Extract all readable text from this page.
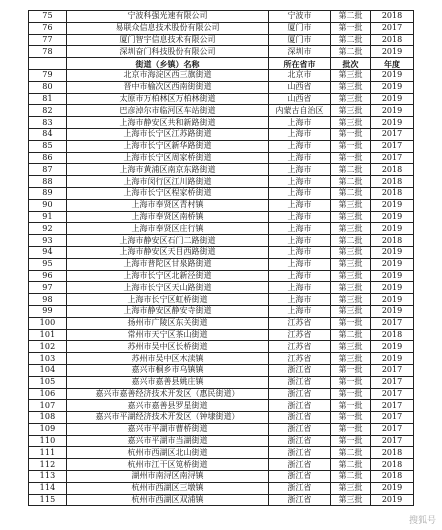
75	宁波科强光速有限公司	宁波市	第二批	2018
76	易联众信息技术股份有限公司	厦门市	第一批	2017
77	厦门智宇信息技术有限公司	厦门市	第二批	2018
78	深圳奋门科技股份有限公司	深圳市	第二批	2019
	街道（乡镇）名称	所在省市	批次	年度
79	北京市海淀区西三旗街道	北京市	第三批	2019
80	晋中市榆次区西南街街道	山西省	第三批	2019
81	太原市万柏林区万柏林街道	山西省	第三批	2019
82	巴彦淖尔市临河区车站街道	内蒙古自治区	第三批	2019
83	上海市静安区共和新路街道	上海市	第三批	2019
84	上海市长宁区江苏路街道	上海市	第一批	2017
85	上海市长宁区新华路街道	上海市	第一批	2017
86	上海市长宁区周家桥街道	上海市	第一批	2017
87	上海市黄浦区南京东路街道	上海市	第二批	2018
88	上海市闵行区江川路街道	上海市	第二批	2018
89	上海市长宁区程家桥街道	上海市	第二批	2018
90	上海市奉贤区青村镇	上海市	第三批	2019
91	上海市奉贤区南桥镇	上海市	第三批	2019
92	上海市奉贤区庄行镇	上海市	第三批	2019
93	上海市静安区石门二路街道	上海市	第二批	2018
94	上海市静安区天目西路街道	上海市	第三批	2019
95	上海市普陀区甘泉路街道	上海市	第三批	2019
96	上海市长宁区北新泾街道	上海市	第三批	2019
97	上海市长宁区天山路街道	上海市	第三批	2019
98	上海市长宁区虹桥街道	上海市	第三批	2019
99	上海市静安区静安寺街道	上海市	第三批	2019
100	扬州市广陵区东关街道	江苏省	第一批	2017
101	常州市天宁区茶山街道	江苏省	第二批	2018
102	苏州市吴中区长桥街道	江苏省	第三批	2019
103	苏州市吴中区木渎镇	江苏省	第三批	2019
104	嘉兴市桐乡市乌镇镇	浙江省	第一批	2017
105	嘉兴市嘉善县姚庄镇	浙江省	第一批	2017
106	嘉兴市嘉善经济技术开发区（惠民街道）	浙江省	第一批	2017
107	嘉兴市嘉善县罗星街道	浙江省	第一批	2017
108	嘉兴市平湖经济技术开发区（钟埭街道）	浙江省	第一批	2017
109	嘉兴市平湖市曹桥街道	浙江省	第一批	2017
110	嘉兴市平湖市当湖街道	浙江省	第一批	2017
111	杭州市西湖区北山街道	浙江省	第二批	2018
112	杭州市江干区笕桥街道	浙江省	第二批	2018
113	湖州市南浔区南浔镇	浙江省	第二批	2018
114	杭州市西湖区三墩镇	浙江省	第三批	2019
115	杭州市西湖区双浦镇	浙江省	第三批	2019
搜狐号
